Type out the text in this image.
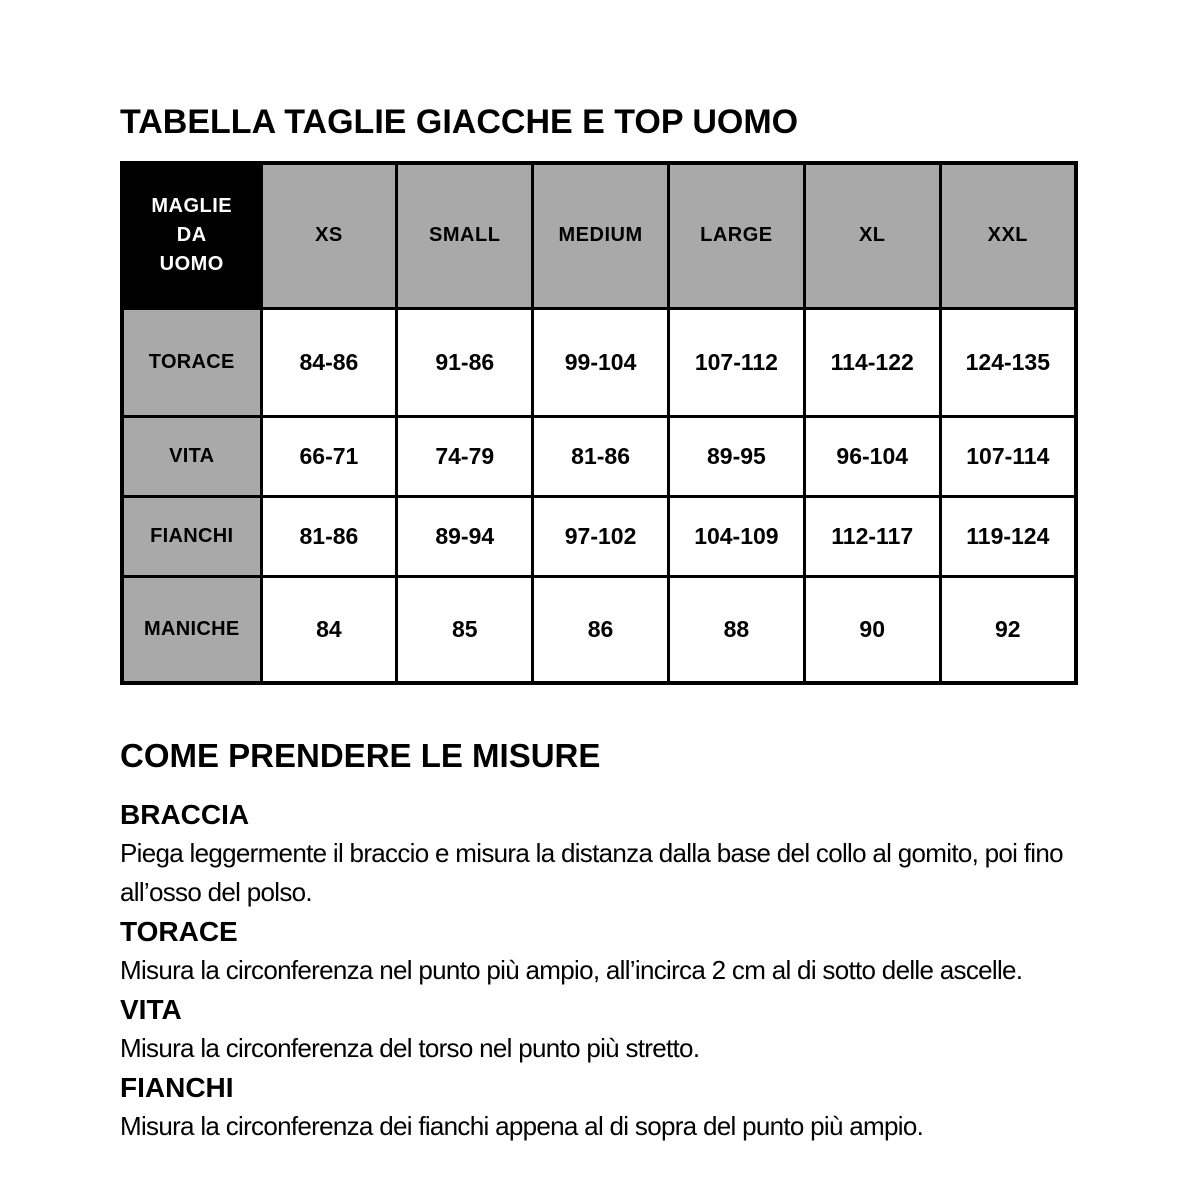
TABELLA TAGLIE GIACCHE E TOP UOMO
MAGLIE DA UOMO	XS	SMALL	MEDIUM	LARGE	XL	XXL
TORACE	84-86	91-86	99-104	107-112	114-122	124-135
VITA	66-71	74-79	81-86	89-95	96-104	107-114
FIANCHI	81-86	89-94	97-102	104-109	112-117	119-124
MANICHE	84	85	86	88	90	92
COME PRENDERE LE MISURE
BRACCIA

Piega leggermente il braccio e misura la distanza dalla base del collo al gomito, poi fino all’osso del polso.

TORACE

Misura la circonferenza nel punto più ampio, all’incirca 2 cm al di sotto delle ascelle.

VITA

Misura la circonferenza del torso nel punto più stretto.

FIANCHI

Misura la circonferenza dei fianchi appena al di sopra del punto più ampio.
